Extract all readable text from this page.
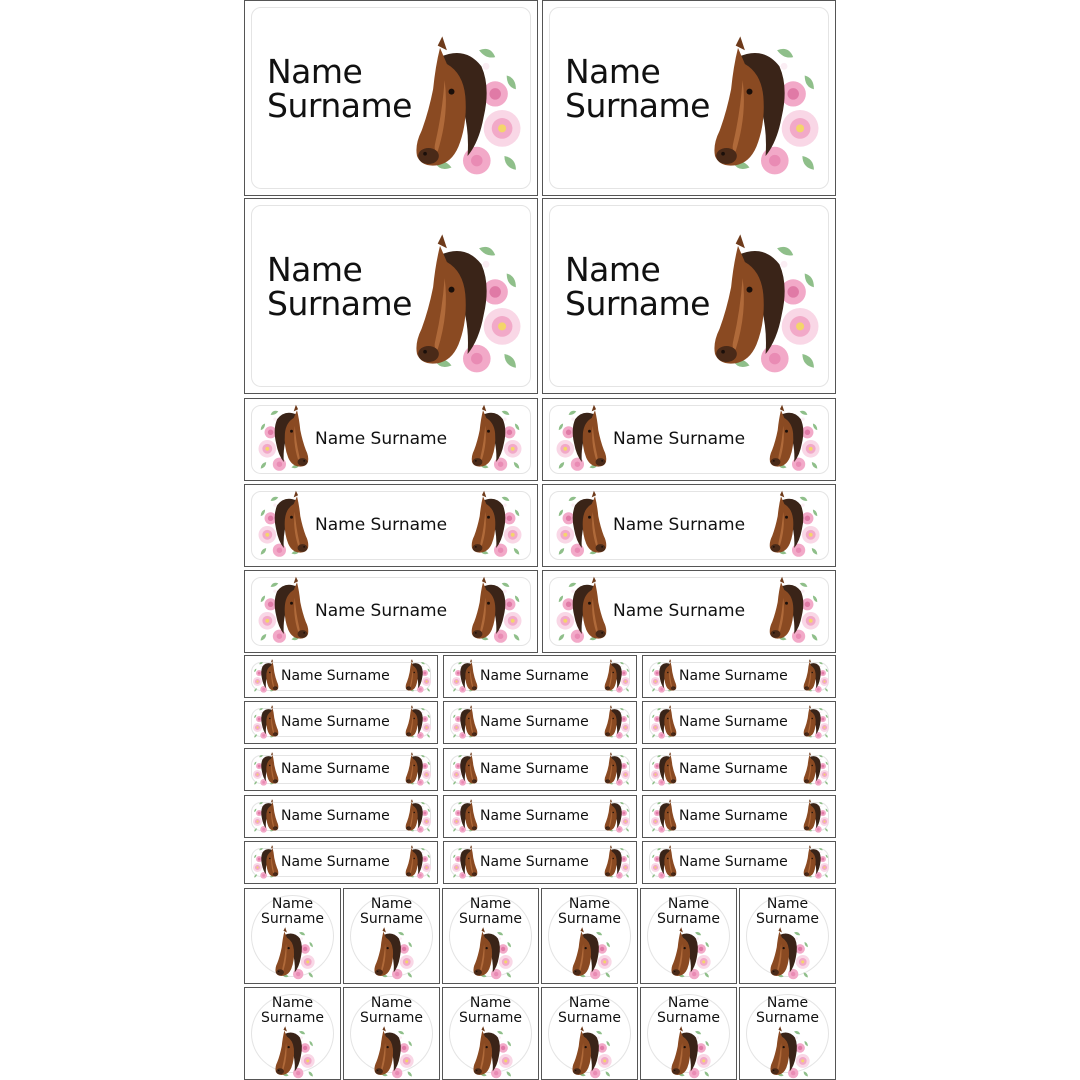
Name
Surname
Name
Surname
Name
Surname
Name
Surname
Name Surname	Name Surname
Name Surname	Name Surname
Name Surname	Name Surname
Name Surname	Name Surname	Name Surname
Name Surname	Name Surname	Name Surname
Name Surname	Name Surname	Name Surname
Name Surname	Name Surname	Name Surname
Name Surname	Name Surname	Name Surname
Name
Surname
Name
Surname
Name
Surname
Name
Surname
Name
Surname
Name
Surname
Name
Surname
Name
Surname
Name
Surname
Name
Surname
Name
Surname
Name
Surname
